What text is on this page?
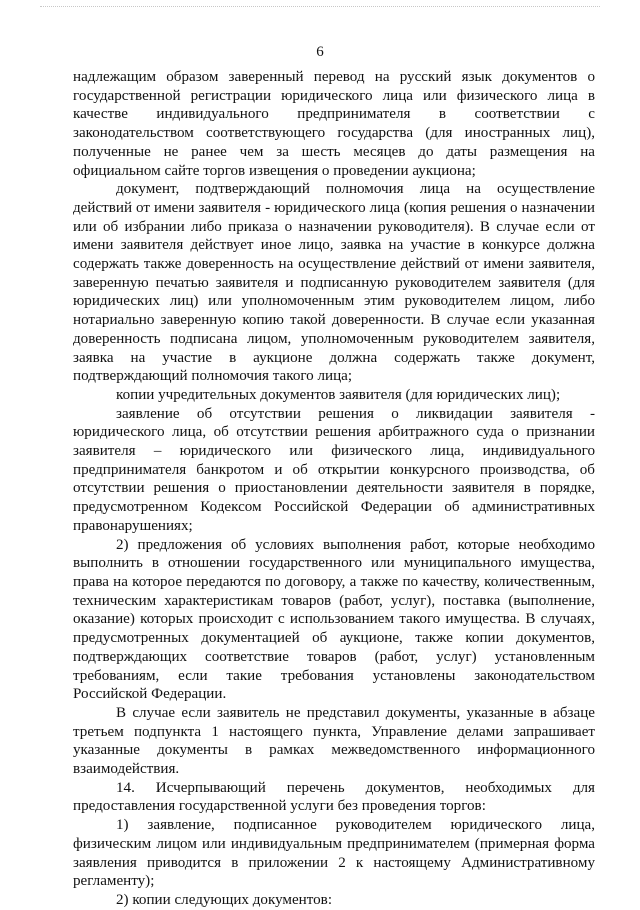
6

надлежащим образом заверенный перевод на русский язык документов о государственной регистрации юридического лица или физического лица в качестве индивидуального предпринимателя в соответствии с законодательством соответствующего государства (для иностранных лиц), полученные не ранее чем за шесть месяцев до даты размещения на официальном сайте торгов извещения о проведении аукциона;

документ, подтверждающий полномочия лица на осуществление действий от имени заявителя - юридического лица (копия решения о назначении или об избрании либо приказа о назначении руководителя). В случае если от имени заявителя действует иное лицо, заявка на участие в конкурсе должна содержать также доверенность на осуществление действий от имени заявителя, заверенную печатью заявителя и подписанную руководителем заявителя (для юридических лиц) или уполномоченным этим руководителем лицом, либо нотариально заверенную копию такой доверенности. В случае если указанная доверенность подписана лицом, уполномоченным руководителем заявителя, заявка на участие в аукционе должна содержать также документ, подтверждающий полномочия такого лица;

копии учредительных документов заявителя (для юридических лиц);

заявление об отсутствии решения о ликвидации заявителя - юридического лица, об отсутствии решения арбитражного суда о признании заявителя – юридического или физического лица, индивидуального предпринимателя банкротом и об открытии конкурсного производства, об отсутствии решения о приостановлении деятельности заявителя в порядке, предусмотренном Кодексом Российской Федерации об административных правонарушениях;

2) предложения об условиях выполнения работ, которые необходимо выполнить в отношении государственного или муниципального имущества, права на которое передаются по договору, а также по качеству, количественным, техническим характеристикам товаров (работ, услуг), поставка (выполнение, оказание) которых происходит с использованием такого имущества. В случаях, предусмотренных документацией об аукционе, также копии документов, подтверждающих соответствие товаров (работ, услуг) установленным требованиям, если такие требования установлены законодательством Российской Федерации.

В случае если заявитель не представил документы, указанные в абзаце третьем подпункта 1 настоящего пункта, Управление делами запрашивает указанные документы в рамках межведомственного информационного взаимодействия.

14. Исчерпывающий перечень документов, необходимых для предоставления государственной услуги без проведения торгов:

1) заявление, подписанное руководителем юридического лица, физическим лицом или индивидуальным предпринимателем (примерная форма заявления приводится в приложении 2 к настоящему Административному регламенту);

2) копии следующих документов:
